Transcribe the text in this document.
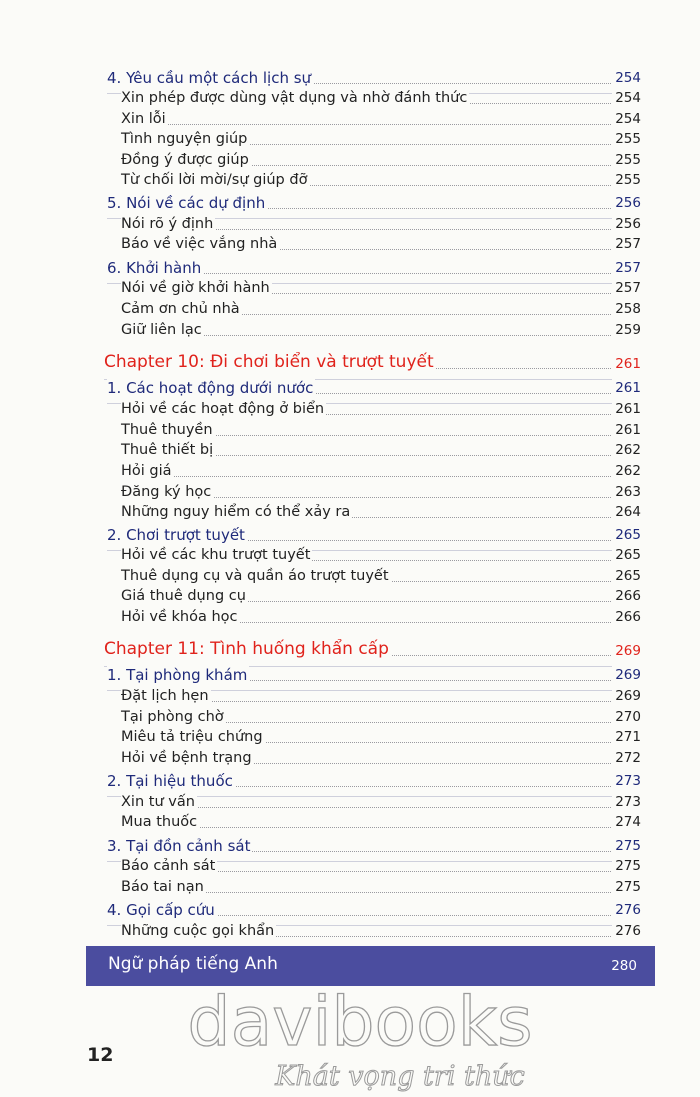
4. Yêu cầu một cách lịch sự	254
Xin phép được dùng vật dụng và nhờ đánh thức	254
Xin lỗi	254
Tình nguyện giúp	255
Đồng ý được giúp	255
Từ chối lời mời/sự giúp đỡ	255
5. Nói về các dự định	256
Nói rõ ý định	256
Báo về việc vắng nhà	257
6. Khởi hành	257
Nói về giờ khởi hành	257
Cảm ơn chủ nhà	258
Giữ liên lạc	259
Chapter 10: Đi chơi biển và trượt tuyết	261
1. Các hoạt động dưới nước	261
Hỏi về các hoạt động ở biển	261
Thuê thuyền	261
Thuê thiết bị	262
Hỏi giá	262
Đăng ký học	263
Những nguy hiểm có thể xảy ra	264
2. Chơi trượt tuyết	265
Hỏi về các khu trượt tuyết	265
Thuê dụng cụ và quần áo trượt tuyết	265
Giá thuê dụng cụ	266
Hỏi về khóa học	266
Chapter 11: Tình huống khẩn cấp	269
1. Tại phòng khám	269
Đặt lịch hẹn	269
Tại phòng chờ	270
Miêu tả triệu chứng	271
Hỏi về bệnh trạng	272
2. Tại hiệu thuốc	273
Xin tư vấn	273
Mua thuốc	274
3. Tại đồn cảnh sát	275
Báo cảnh sát	275
Báo tai nạn	275
4. Gọi cấp cứu	276
Những cuộc gọi khẩn	276
Ngữ pháp tiếng Anh	280
davibooks
Khát vọng tri thức
12
